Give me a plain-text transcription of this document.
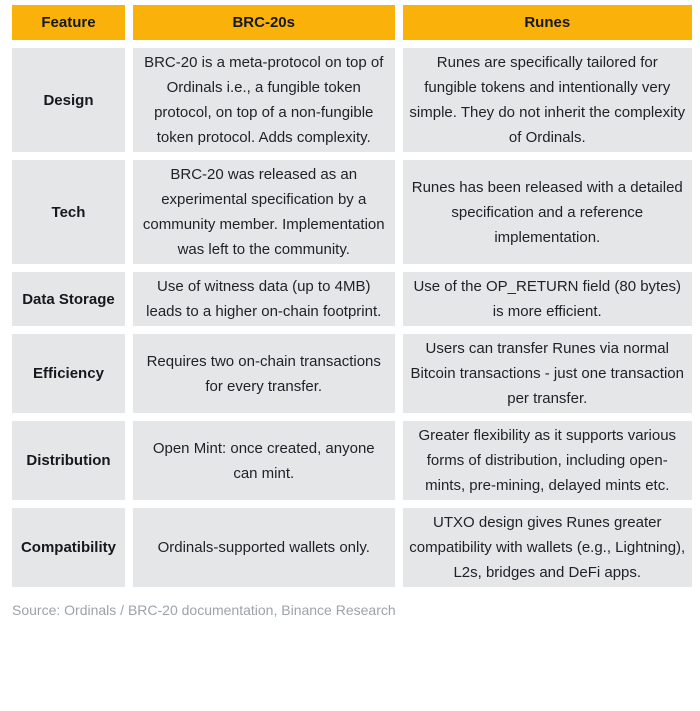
Feature	BRC-20s	Runes
Design	BRC-20 is a meta-protocol on top of Ordinals i.e., a fungible token protocol, on top of a non-fungible token protocol. Adds complexity.	Runes are specifically tailored for fungible tokens and intentionally very simple. They do not inherit the complexity of Ordinals.
Tech	BRC-20 was released as an experimental specification by a community member. Implementation was left to the community.	Runes has been released with a detailed specification and a reference implementation.
Data Storage	Use of witness data (up to 4MB) leads to a higher on-chain footprint.	Use of the OP_RETURN field (80 bytes) is more efficient.
Efficiency	Requires two on-chain transactions for every transfer.	Users can transfer Runes via normal Bitcoin transactions - just one transaction per transfer.
Distribution	Open Mint: once created, anyone can mint.	Greater flexibility as it supports various forms of distribution, including open-mints, pre-mining, delayed mints etc.
Compatibility	Ordinals-supported wallets only.	UTXO design gives Runes greater compatibility with wallets (e.g., Lightning), L2s, bridges and DeFi apps.
Source: Ordinals / BRC-20 documentation, Binance Research
